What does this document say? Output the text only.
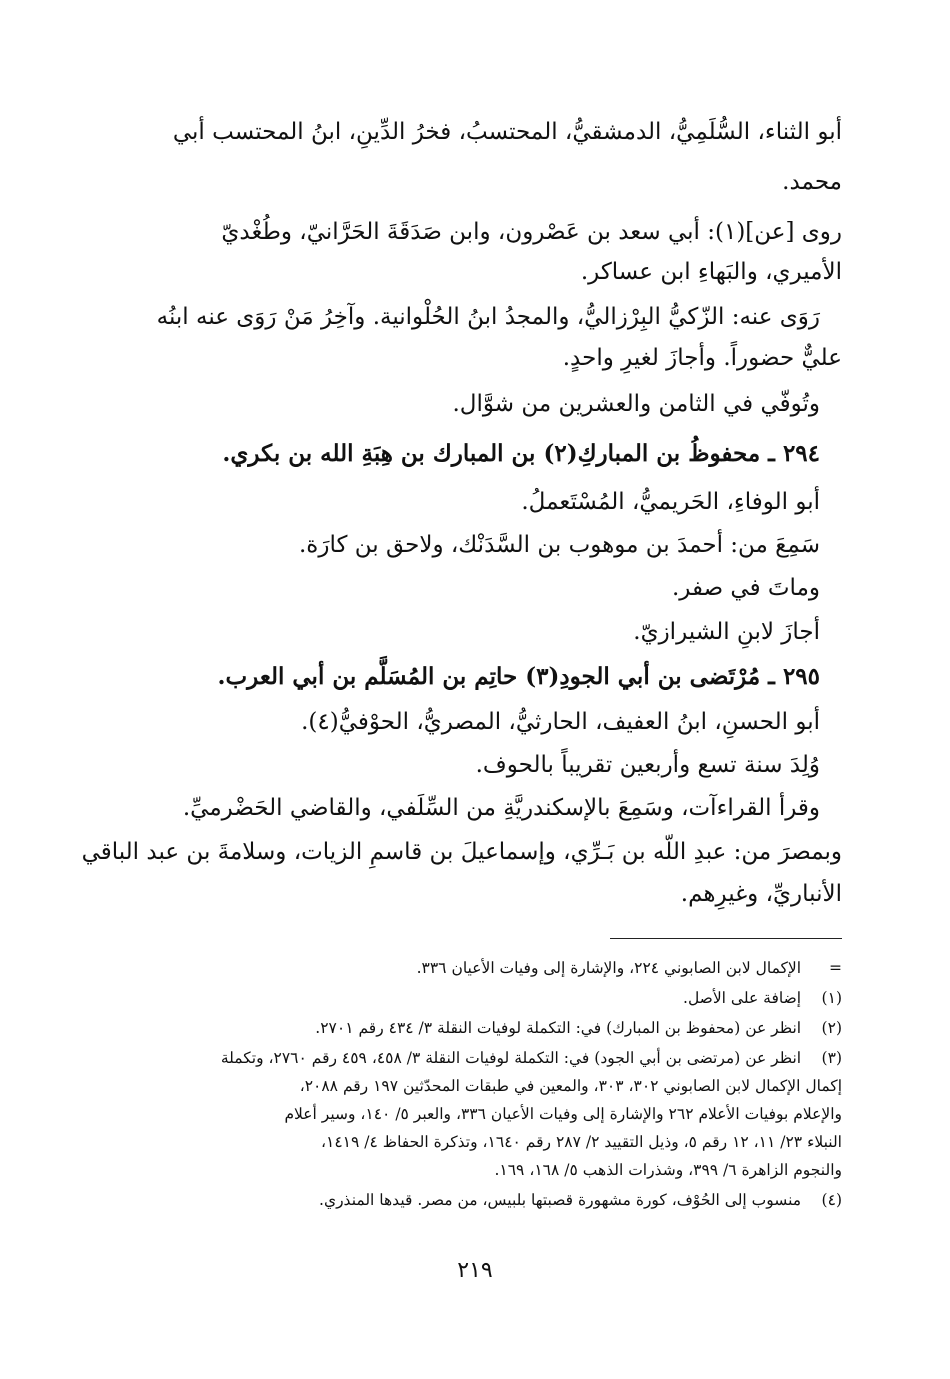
أبو الثناء، السُّلَمِيُّ، الدمشقيُّ، المحتسبُ، فخرُ الدِّينِ، ابنُ المحتسب أبي
محمد.
روى [عن](١): أبي سعد بن عَصْرون، وابن صَدَقَةَ الحَرَّانيّ، وطُغْديّ
الأميري، والبَهاءِ ابن عساكر.
رَوَى عنه: الزّكيُّ البِرْزاليُّ، والمجدُ ابنُ الحُلْوانية. وآخِرُ مَنْ رَوَى عنه ابنُه
عليٌّ حضوراً. وأجازَ لغيرِ واحدٍ.
وتُوفّي في الثامن والعشرين من شوَّال.
٢٩٤ ـ محفوظُ بن المباركِ(٢) بن المبارك بن هِبَةِ الله بن بكري.
أبو الوفاءِ، الحَريميُّ، المُسْتَعملُ.
سَمِعَ من: أحمدَ بن موهوب بن السَّدَنْك، ولاحق بن كارَة.
وماتَ في صفر.
أجازَ لابنِ الشيرازيّ.
٢٩٥ ـ مُرْتَضى بن أبي الجودِ(٣) حاتِم بن المُسَلَّم بن أبي العرب.
أبو الحسنِ، ابنُ العفيف، الحارثيُّ، المصريُّ، الحوْفيُّ(٤).
وُلِدَ سنة تسع وأربعين تقريباً بالحوف.
وقرأ القراءآت، وسَمِعَ بالإسكندريَّةِ من السِّلَفي، والقاضي الحَضْرميِّ.
وبمصرَ من: عبدِ اللّه بن بَـرِّي، وإسماعيلَ بن قاسمِ الزيات، وسلامةَ بن عبد الباقي
الأنباريِّ، وغيرِهم.
= الإكمال لابن الصابوني ٢٢٤، والإشارة إلى وفيات الأعيان ٣٣٦.
(١) إضافة على الأصل.
(٢) انظر عن (محفوظ بن المبارك) في: التكملة لوفيات النقلة ٣/ ٤٣٤ رقم ٢٧٠١.
(٣) انظر عن (مرتضى بن أبي الجود) في: التكملة لوفيات النقلة ٣/ ٤٥٨، ٤٥٩ رقم ٢٧٦٠، وتكملة
إكمال الإكمال لابن الصابوني ٣٠٢، ٣٠٣، والمعين في طبقات المحدّثين ١٩٧ رقم ٢٠٨٨،
والإعلام بوفيات الأعلام ٢٦٢ والإشارة إلى وفيات الأعيان ٣٣٦، والعبر ٥/ ١٤٠، وسير أعلام
النبلاء ٢٣/ ١١، ١٢ رقم ٥، وذيل التقييد ٢/ ٢٨٧ رقم ١٦٤٠، وتذكرة الحفاظ ٤/ ١٤١٩،
والنجوم الزاهرة ٦/ ٣٩٩، وشذرات الذهب ٥/ ١٦٨، ١٦٩.
(٤) منسوب إلى الحُوْف، كورة مشهورة قصبتها بلبيس، من مصر. قيدها المنذري.
٢١٩
